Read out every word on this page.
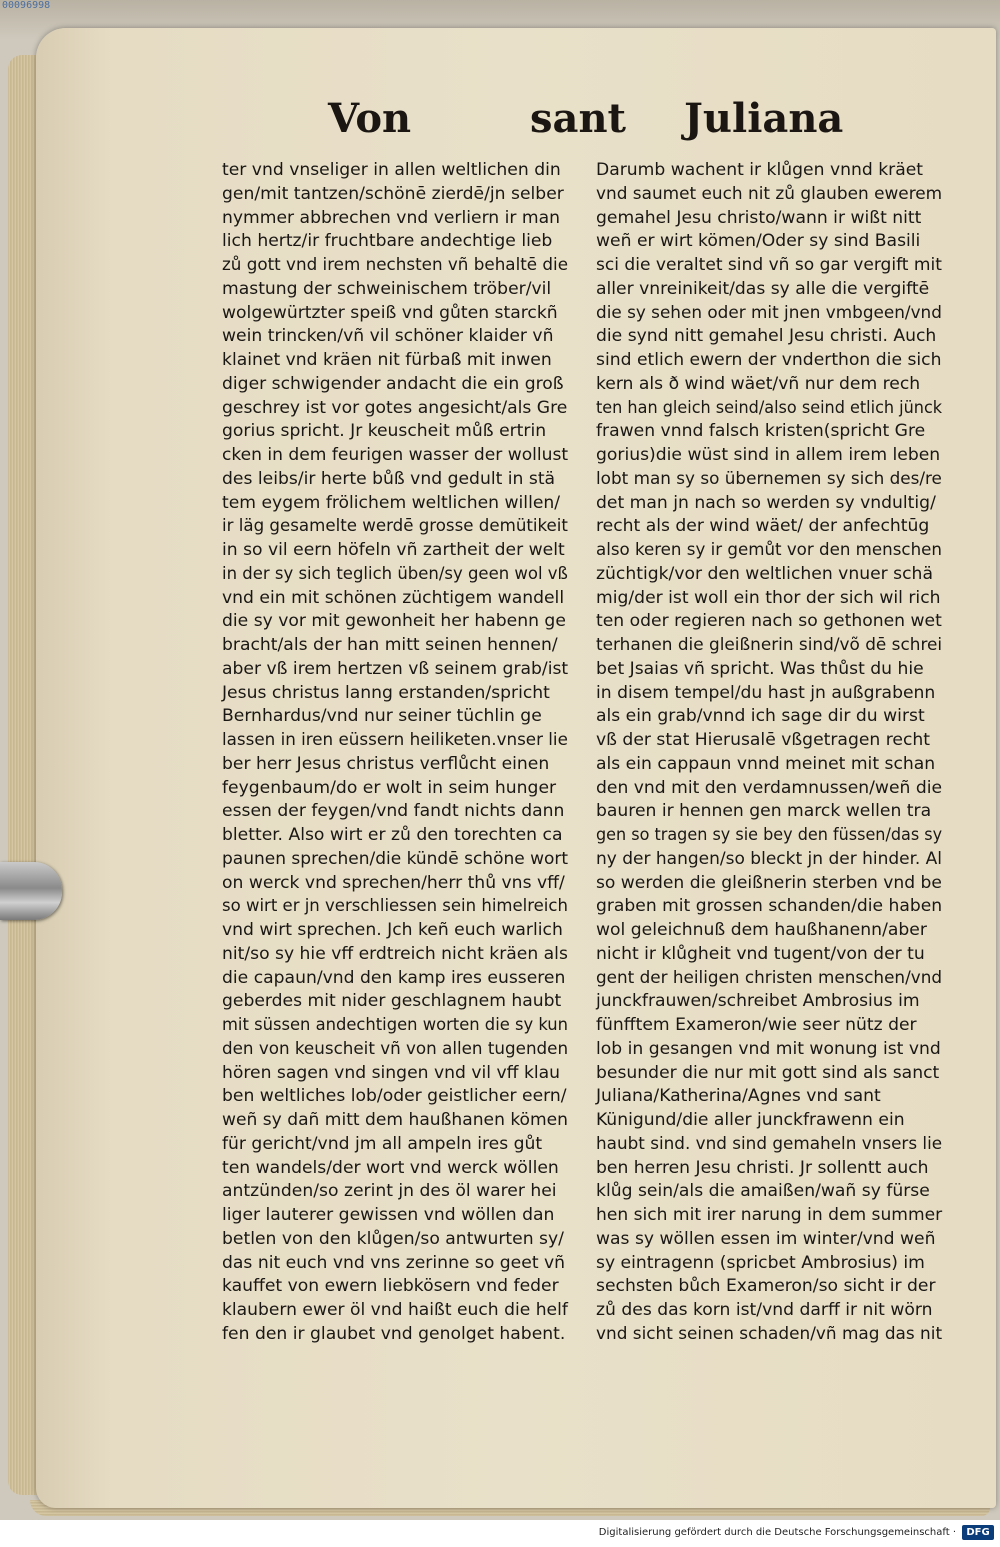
00096998
Von	sant Juliana
ter vnd vnseliger in allen weltlichen din
gen/mit tantzen/schönē zierdē/jn selber
nymmer abbrechen vnd verliern ir man
lich hertz/ir fruchtbare andechtige lieb
zů gott vnd irem nechsten vñ behaltē die
mastung der schweinischem tröber/vil
wolgewürtzter speiß vnd gůten starckñ
wein trincken/vñ vil schöner klaider vñ
klainet vnd kräen nit fürbaß mit inwen
diger schwigender andacht die ein groß
geschrey ist vor gotes angesicht/als Gre
gorius spricht. Jr keuscheit můß ertrin
cken in dem feurigen wasser der wollust
des leibs/ir herte bůß vnd gedult in stä
tem eygem frölichem weltlichen willen/
ir läg gesamelte werdē grosse demütikeit
in so vil eern höfeln vñ zartheit der welt
in der sy sich teglich üben/sy geen wol vß
vnd ein mit schönen züchtigem wandell
die sy vor mit gewonheit her habenn ge
bracht/als der han mitt seinen hennen/
aber vß irem hertzen vß seinem grab/ist
Jesus christus lanng erstanden/spricht
Bernhardus/vnd nur seiner tüchlin ge
lassen in iren eüssern heiliketen.vnser lie
ber herr Jesus christus verflůcht einen
feygenbaum/do er wolt in seim hunger
essen der feygen/vnd fandt nichts dann
bletter. Also wirt er zů den torechten ca
paunen sprechen/die kündē schöne wort
on werck vnd sprechen/herr thů vns vff/
so wirt er jn verschliessen sein himelreich
vnd wirt sprechen. Jch keñ euch warlich
nit/so sy hie vff erdtreich nicht kräen als
die capaun/vnd den kamp ires eusseren
geberdes mit nider geschlagnem haubt
mit süssen andechtigen worten die sy kun
den von keuscheit vñ von allen tugenden
hören sagen vnd singen vnd vil vff klau
ben weltliches lob/oder geistlicher eern/
weñ sy dañ mitt dem haußhanen kömen
für gericht/vnd jm all ampeln ires gůt
ten wandels/der wort vnd werck wöllen
antzünden/so zerint jn des öl warer hei
liger lauterer gewissen vnd wöllen dan
betlen von den klůgen/so antwurten sy/
das nit euch vnd vns zerinne so geet vñ
kauffet von ewern liebkösern vnd feder
klaubern ewer öl vnd haißt euch die helf
fen den ir glaubet vnd genolget habent.
Darumb wachent ir klůgen vnnd kräet
vnd saumet euch nit zů glauben ewerem
gemahel Jesu christo/wann ir wißt nitt
weñ er wirt kömen/Oder sy sind Basili
sci die veraltet sind vñ so gar vergift mit
aller vnreinikeit/das sy alle die vergiftē
die sy sehen oder mit jnen vmbgeen/vnd
die synd nitt gemahel Jesu christi. Auch
sind etlich ewern der vnderthon die sich
kern als ð wind wäet/vñ nur dem rech
ten han gleich seind/also seind etlich jünck
frawen vnnd falsch kristen(spricht Gre
gorius)die wüst sind in allem irem leben
lobt man sy so übernemen sy sich des/re
det man jn nach so werden sy vndultig/
recht als der wind wäet/ der anfechtūg
also keren sy ir gemůt vor den menschen
züchtigk/vor den weltlichen vnuer schä
mig/der ist woll ein thor der sich wil rich
ten oder regieren nach so gethonen wet
terhanen die gleißnerin sind/võ dē schrei
bet Jsaias vñ spricht. Was thůst du hie
in disem tempel/du hast jn außgrabenn
als ein grab/vnnd ich sage dir du wirst
vß der stat Hierusalē vßgetragen recht
als ein cappaun vnnd meinet mit schan
den vnd mit den verdamnussen/weñ die
bauren ir hennen gen marck wellen tra
gen so tragen sy sie bey den füssen/das sy
ny der hangen/so bleckt jn der hinder. Al
so werden die gleißnerin sterben vnd be
graben mit grossen schanden/die haben
wol geleichnuß dem haußhanenn/aber
nicht ir klůgheit vnd tugent/von der tu
gent der heiligen christen menschen/vnd
junckfrauwen/schreibet Ambrosius im
fünfftem Exameron/wie seer nütz der
lob in gesangen vnd mit wonung ist vnd
besunder die nur mit gott sind als sanct
Juliana/Katherina/Agnes vnd sant
Künigund/die aller junckfrawenn ein
haubt sind. vnd sind gemaheln vnsers lie
ben herren Jesu christi. Jr sollentt auch
klůg sein/als die amaißen/wañ sy fürse
hen sich mit irer narung in dem summer
was sy wöllen essen im winter/vnd weñ
sy eintragenn (spricbet Ambrosius) im
sechsten bůch Exameron/so sicht ir der
zů des das korn ist/vnd darff ir nit wörn
vnd sicht seinen schaden/vñ mag das nit
Digitalisierung gefördert durch die Deutsche Forschungsgemeinschaft ·	DFG
